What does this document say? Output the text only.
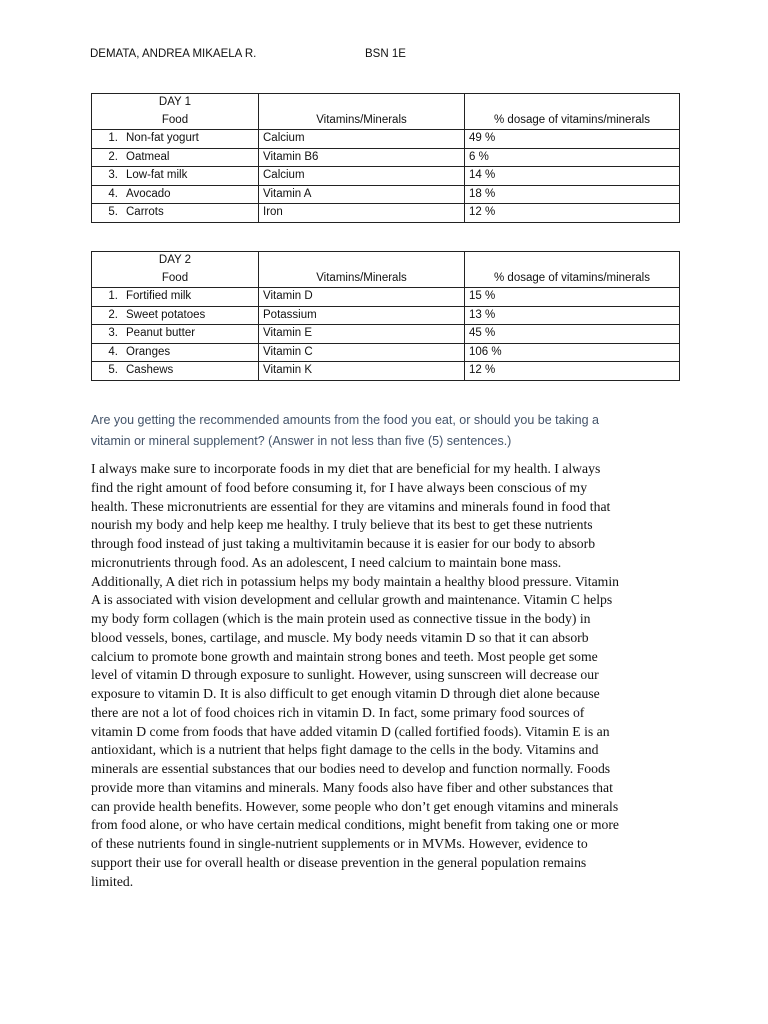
DEMATA, ANDREA MIKAELA R.	BSN 1E
DAY 1		
Food	Vitamins/Minerals	% dosage of vitamins/minerals
1. Non-fat yogurt	Calcium	49 %
2. Oatmeal	Vitamin B6	6 %
3. Low-fat milk	Calcium	14 %
4. Avocado	Vitamin A	18 %
5. Carrots	Iron	12 %
DAY 2		
Food	Vitamins/Minerals	% dosage of vitamins/minerals
1. Fortified milk	Vitamin D	15 %
2. Sweet potatoes	Potassium	13 %
3. Peanut butter	Vitamin E	45 %
4. Oranges	Vitamin C	106 %
5. Cashews	Vitamin K	12 %
Are you getting the recommended amounts from the food you eat, or should you be taking a
vitamin or mineral supplement? (Answer in not less than five (5) sentences.)
I always make sure to incorporate foods in my diet that are beneficial for my health. I always
find the right amount of food before consuming it, for I have always been conscious of my
health. These micronutrients are essential for they are vitamins and minerals found in food that
nourish my body and help keep me healthy. I truly believe that its best to get these nutrients
through food instead of just taking a multivitamin because it is easier for our body to absorb
micronutrients through food. As an adolescent, I need calcium to maintain bone mass.
Additionally, A diet rich in potassium helps my body maintain a healthy blood pressure. Vitamin
A is associated with vision development and cellular growth and maintenance. Vitamin C helps
my body form collagen (which is the main protein used as connective tissue in the body) in
blood vessels, bones, cartilage, and muscle. My body needs vitamin D so that it can absorb
calcium to promote bone growth and maintain strong bones and teeth. Most people get some
level of vitamin D through exposure to sunlight. However, using sunscreen will decrease our
exposure to vitamin D. It is also difficult to get enough vitamin D through diet alone because
there are not a lot of food choices rich in vitamin D. In fact, some primary food sources of
vitamin D come from foods that have added vitamin D (called fortified foods). Vitamin E is an
antioxidant, which is a nutrient that helps fight damage to the cells in the body. Vitamins and
minerals are essential substances that our bodies need to develop and function normally. Foods
provide more than vitamins and minerals. Many foods also have fiber and other substances that
can provide health benefits. However, some people who don’t get enough vitamins and minerals
from food alone, or who have certain medical conditions, might benefit from taking one or more
of these nutrients found in single-nutrient supplements or in MVMs. However, evidence to
support their use for overall health or disease prevention in the general population remains
limited.
